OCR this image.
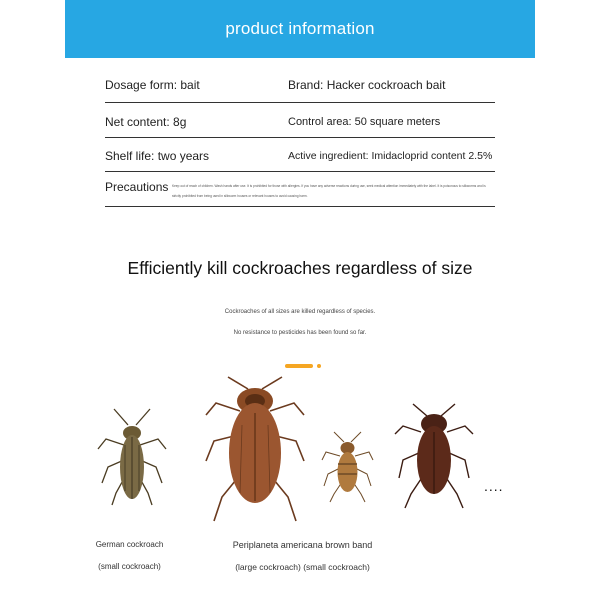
product information
Dosage form: bait	Brand: Hacker cockroach bait
Net content: 8g	Control area: 50 square meters
Shelf life: two years	Active ingredient: Imidacloprid content 2.5%
Precautions Keep out of reach of children. Wash hands after use. It is prohibited for those with allergies. If you have any adverse reactions during use, seek medical attention immediately with the label. It is poisonous to silkworms and is strictly prohibited from being used in silkworm houses or relevant houses to avoid causing harm.
Efficiently kill cockroaches regardless of size
Cockroaches of all sizes are killed regardless of species.
No resistance to pesticides has been found so far.
....
German cockroach
(small cockroach)
Periplaneta americana brown band
(large cockroach) (small cockroach)
